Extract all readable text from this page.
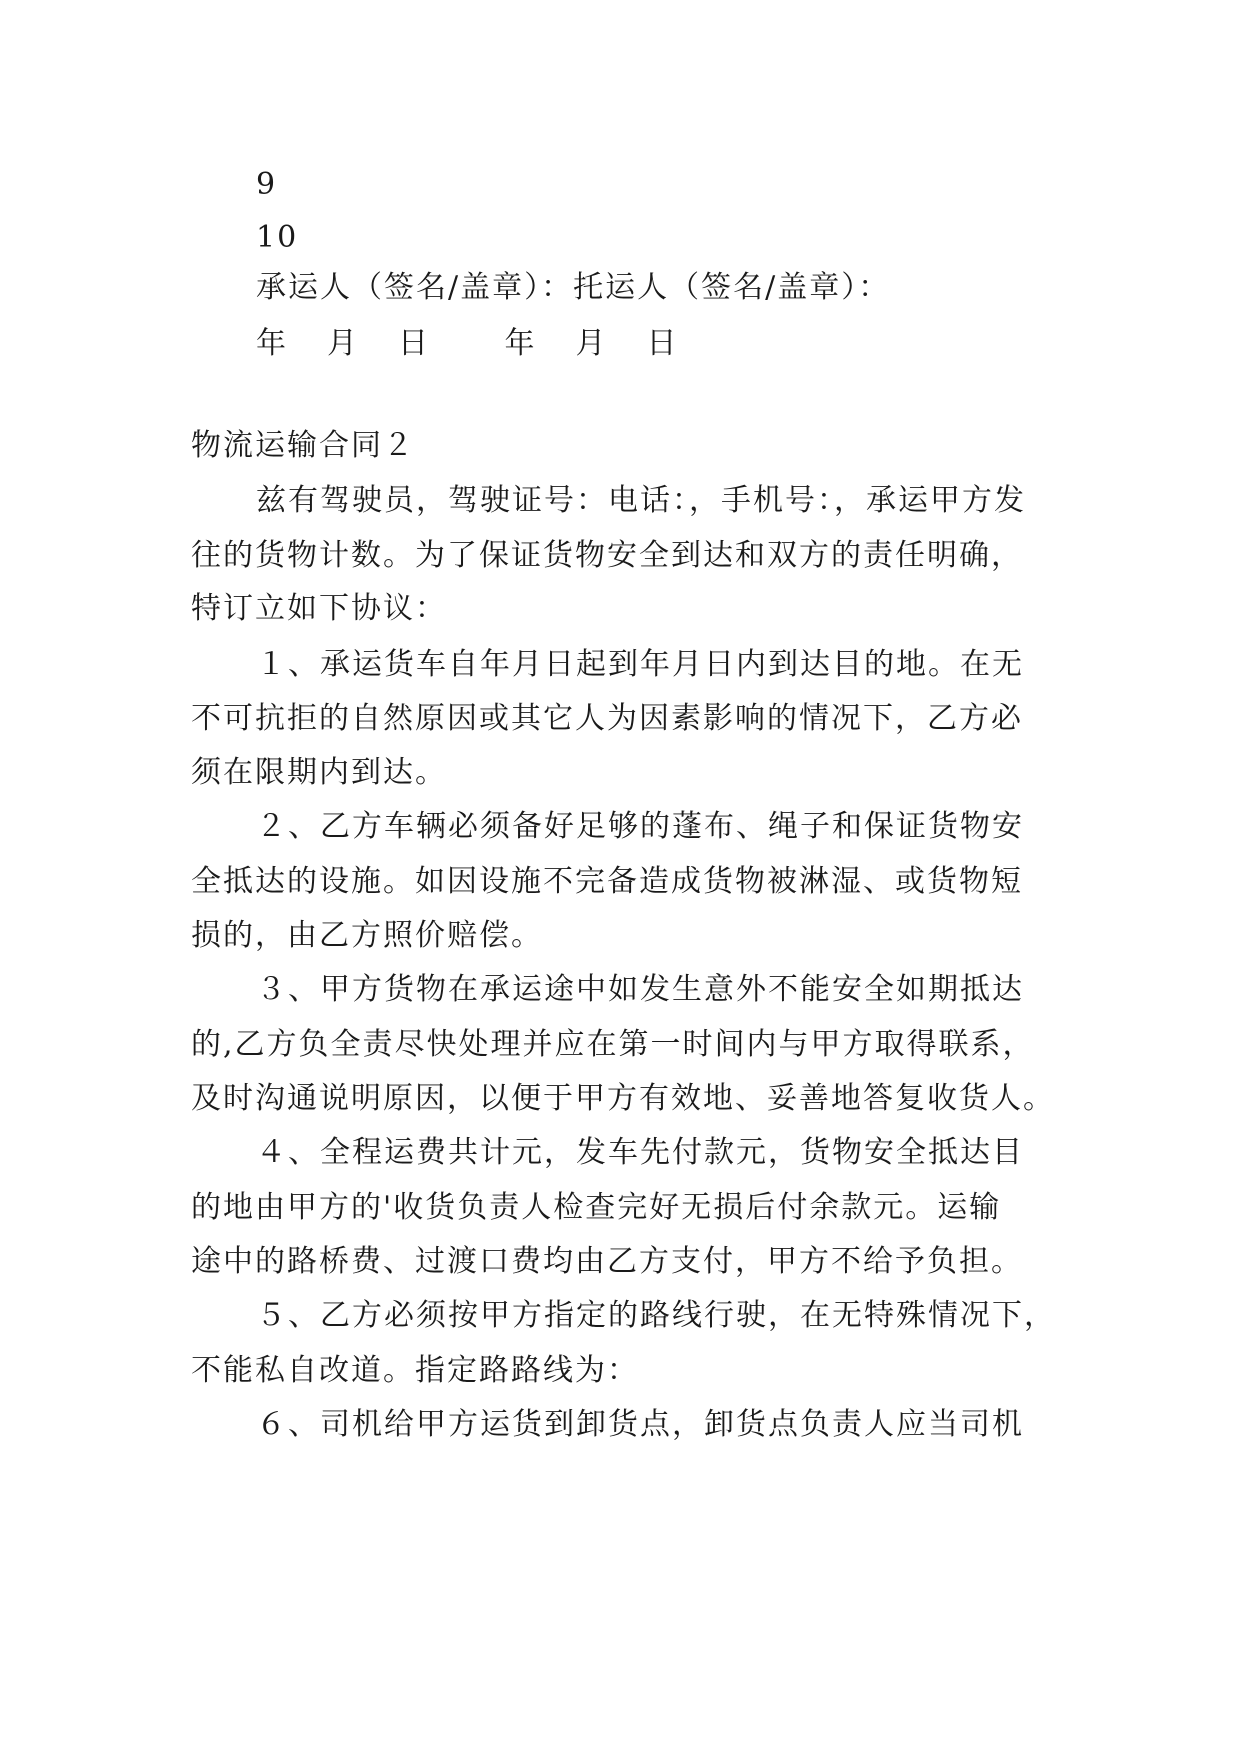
9
10
承运人（签名/盖章）：托运人（签名/盖章）：
年　月　日　　年　月　日
物流运输合同２
兹有驾驶员，驾驶证号：电话：，手机号：，承运甲方发
往的货物计数。为了保证货物安全到达和双方的责任明确，
特订立如下协议：
１、承运货车自年月日起到年月日内到达目的地。在无
不可抗拒的自然原因或其它人为因素影响的情况下，乙方必
须在限期内到达。
２、乙方车辆必须备好足够的蓬布、绳子和保证货物安
全抵达的设施。如因设施不完备造成货物被淋湿、或货物短
损的，由乙方照价赔偿。
３、甲方货物在承运途中如发生意外不能安全如期抵达
的,乙方负全责尽快处理并应在第一时间内与甲方取得联系，
及时沟通说明原因，以便于甲方有效地、妥善地答复收货人。
４、全程运费共计元，发车先付款元，货物安全抵达目
的地由甲方的'收货负责人检查完好无损后付余款元。运输
途中的路桥费、过渡口费均由乙方支付，甲方不给予负担。
５、乙方必须按甲方指定的路线行驶，在无特殊情况下，
不能私自改道。指定路路线为：
６、司机给甲方运货到卸货点，卸货点负责人应当司机
